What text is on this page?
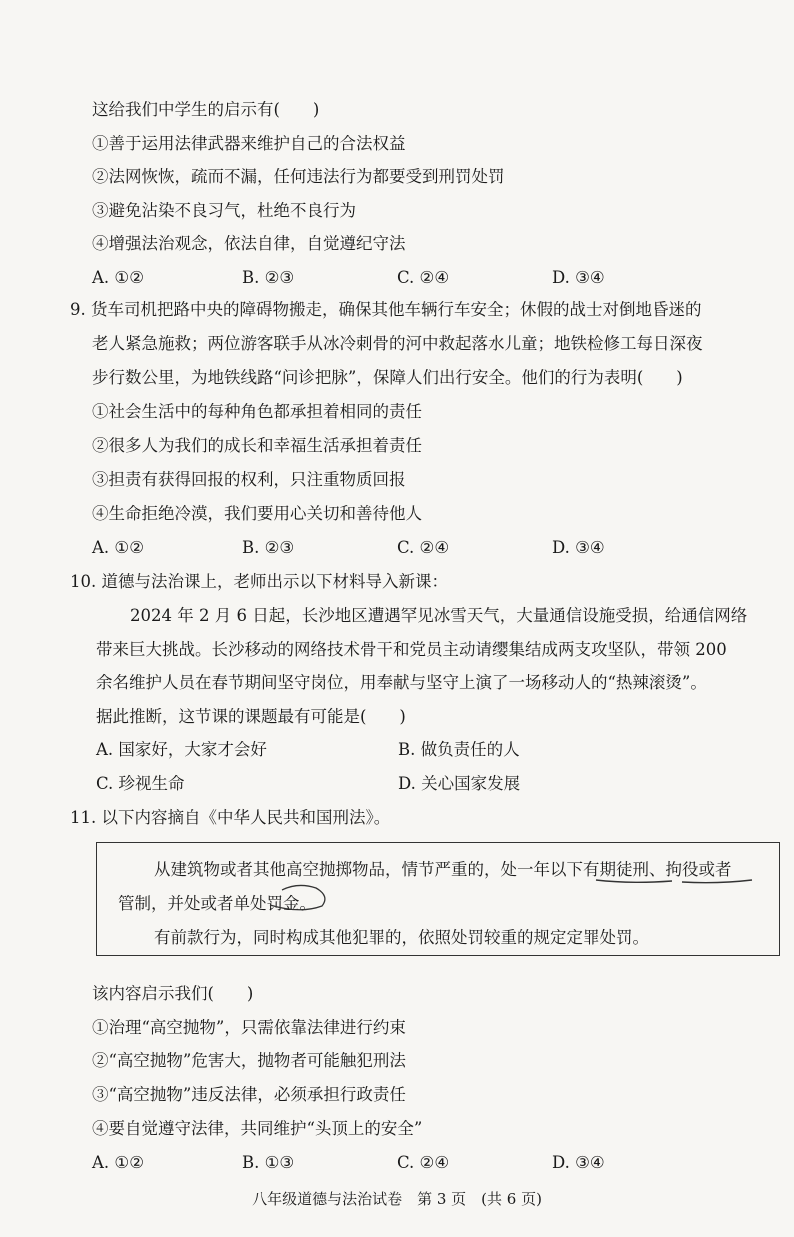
这给我们中学生的启示有(　　)
①善于运用法律武器来维护自己的合法权益
②法网恢恢，疏而不漏，任何违法行为都要受到刑罚处罚
③避免沾染不良习气，杜绝不良行为
④增强法治观念，依法自律，自觉遵纪守法
A. ①②	B. ②③	C. ②④	D. ③④
9. 货车司机把路中央的障碍物搬走，确保其他车辆行车安全；休假的战士对倒地昏迷的
老人紧急施救；两位游客联手从冰冷刺骨的河中救起落水儿童；地铁检修工每日深夜
步行数公里，为地铁线路“问诊把脉”，保障人们出行安全。他们的行为表明(　　)
①社会生活中的每种角色都承担着相同的责任
②很多人为我们的成长和幸福生活承担着责任
③担责有获得回报的权利，只注重物质回报
④生命拒绝冷漠，我们要用心关切和善待他人
A. ①②	B. ②③	C. ②④	D. ③④
10. 道德与法治课上，老师出示以下材料导入新课：
2024 年 2 月 6 日起，长沙地区遭遇罕见冰雪天气，大量通信设施受损，给通信网络
带来巨大挑战。长沙移动的网络技术骨干和党员主动请缨集结成两支攻坚队，带领 200
余名维护人员在春节期间坚守岗位，用奉献与坚守上演了一场移动人的“热辣滚烫”。
据此推断，这节课的课题最有可能是(　　)
A. 国家好，大家才会好	B. 做负责任的人
C. 珍视生命	D. 关心国家发展
11. 以下内容摘自《中华人民共和国刑法》。
从建筑物或者其他高空抛掷物品，情节严重的，处一年以下有期徒刑、拘役或者
管制，并处或者单处罚金。
有前款行为，同时构成其他犯罪的，依照处罚较重的规定定罪处罚。
该内容启示我们(　　)
①治理“高空抛物”，只需依靠法律进行约束
②“高空抛物”危害大，抛物者可能触犯刑法
③“高空抛物”违反法律，必须承担行政责任
④要自觉遵守法律，共同维护“头顶上的安全”
A. ①②	B. ①③	C. ②④	D. ③④
八年级道德与法治试卷　第 3 页　(共 6 页)
